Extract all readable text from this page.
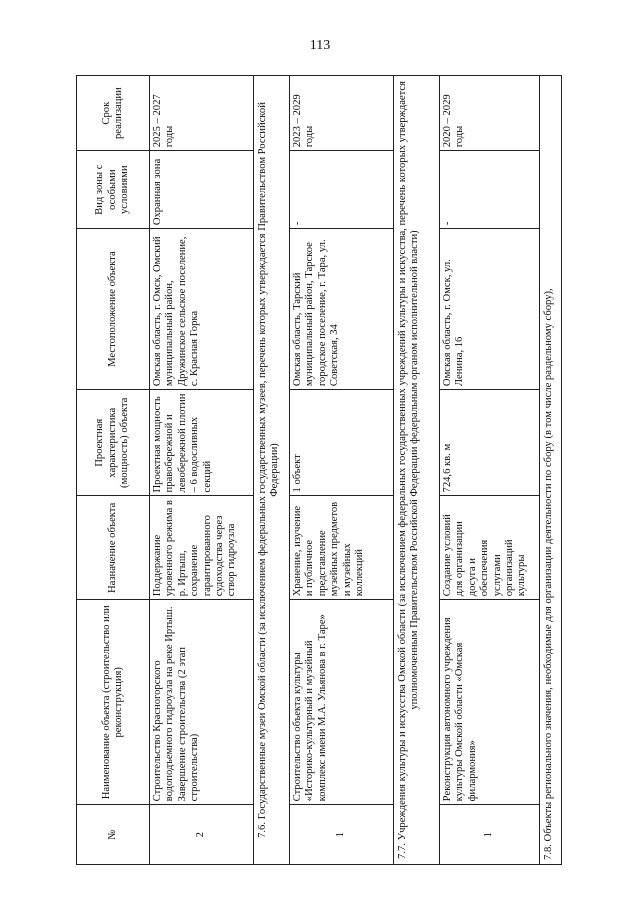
113
№	Наименование объекта (строительство или реконструкция)	Назначение объекта	Проектная характеристика (мощность) объекта	Местоположение объекта	Вид зоны с особыми условиями	Срок реализации
2	Строительство Красногорского водоподъемного гидроузла на реке Иртыш. Завершение строительства (2 этап строительства)	Поддержание уровенного режима в р. Иртыш, сохранение гарантированного судоходства через створ гидроузла	Проектная мощность правобережной и левобережной плотин – 6 водосливных секций	Омская область, г. Омск, Омский муниципальный район, Дружинское сельское поселение, с. Красная Горка	Охранная зона	2025 – 2027 годы
7.6. Государственные музеи Омской области (за исключением федеральных государственных музеев, перечень которых утверждается Правительством Российской Федерации)						
1	Строительство объекта культуры «Историко-культурный и музейный комплекс имени М.А. Ульянова в г. Таре»	Хранение, изучение и публичное представление музейных предметов и музейных коллекций	1 объект	Омская область, Тарский муниципальный район, Тарское городское поселение, г. Тара, ул. Советская, 34	-	2023 – 2029 годы
7.7. Учреждения культуры и искусства Омской области (за исключением федеральных государственных учреждений культуры и искусства, перечень которых утверждается уполномоченным Правительством Российской Федерации федеральным органом исполнительной власти)						
1	Реконструкция автономного учреждения культуры Омской области «Омская филармония»	Создание условий для организации досуга и обеспечения услугами организаций культуры	724,6 кв. м	Омская область, г. Омск, ул. Ленина, 16	-	2020 – 2029 годы
7.8. Объекты регионального значения, необходимые для организации деятельности по сбору (в том числе раздельному сбору),						
